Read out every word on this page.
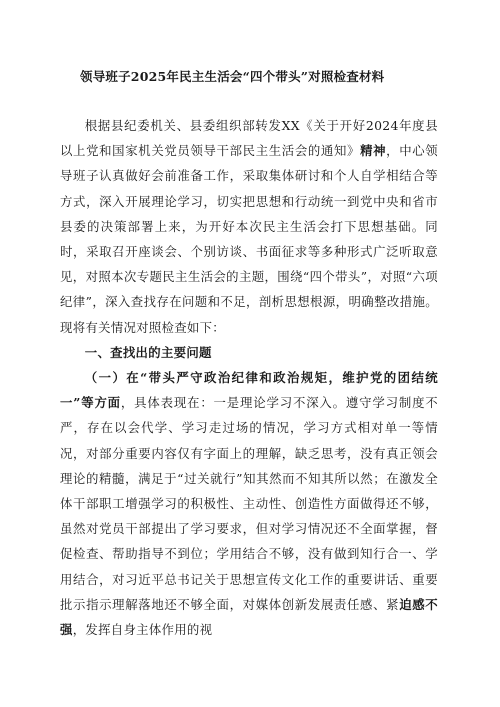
领导班子2025年民主生活会“四个带头”对照检查材料

根据县纪委机关、县委组织部转发XX《关于开好2024年度县以上党和国家机关党员领导干部民主生活会的通知》精神，中心领导班子认真做好会前准备工作，采取集体研讨和个人自学相结合等方式，深入开展理论学习，切实把思想和行动统一到党中央和省市县委的决策部署上来，为开好本次民主生活会打下思想基础。同时，采取召开座谈会、个别访谈、书面征求等多种形式广泛听取意见，对照本次专题民主生活会的主题，围绕“四个带头”，对照“六项纪律”，深入查找存在问题和不足，剖析思想根源，明确整改措施。现将有关情况对照检查如下：

一、查找出的主要问题

（一）在“带头严守政治纪律和政治规矩，维护党的团结统一”等方面，具体表现在：一是理论学习不深入。遵守学习制度不严，存在以会代学、学习走过场的情况，学习方式相对单一等情况，对部分重要内容仅有字面上的理解，缺乏思考，没有真正领会理论的精髓，满足于“过关就行”知其然而不知其所以然；在激发全体干部职工增强学习的积极性、主动性、创造性方面做得还不够，虽然对党员干部提出了学习要求，但对学习情况还不全面掌握，督促检查、帮助指导不到位；学用结合不够，没有做到知行合一、学用结合，对习近平总书记关于思想宣传文化工作的重要讲话、重要批示指示理解落地还不够全面，对媒体创新发展责任感、紧迫感不强，发挥自身主体作用的视
